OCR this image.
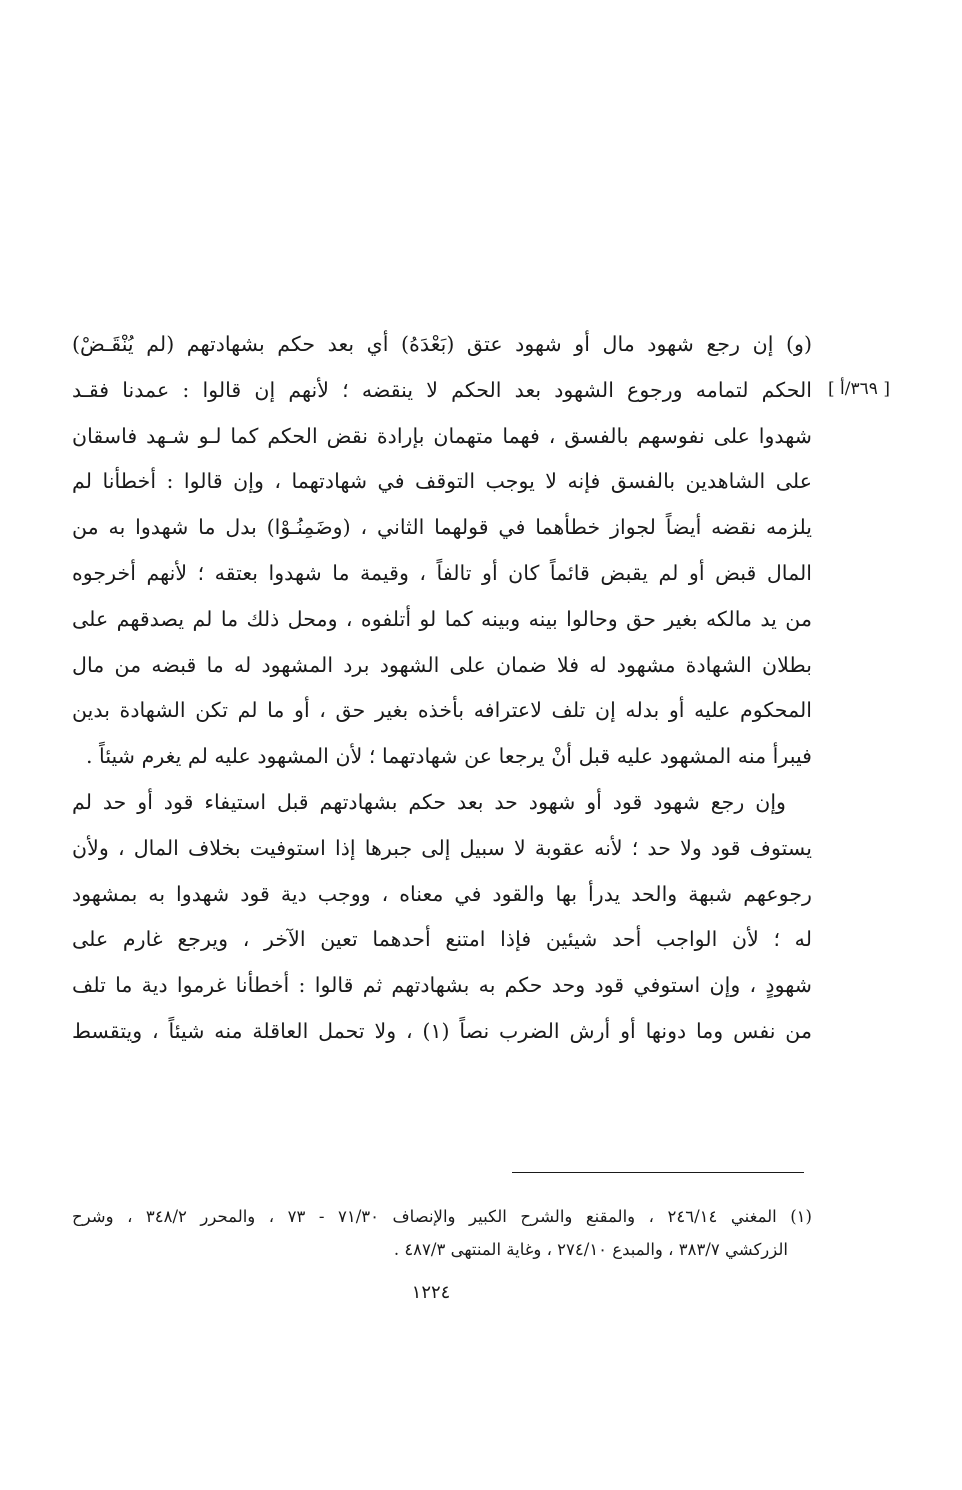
[ ٣٦٩/أ ]
(و) إن رجع شهود مال أو شهود عتق (بَعْدَهُ) أي بعد حكم بشهادتهم (لم يُنْقَـضْ)
الحكم لتمامه ورجوع الشهود بعد الحكم لا ينقضه ؛ لأنهم إن قالوا : عمدنا فقـد
شهدوا على نفوسهم بالفسق ، فهما متهمان بإرادة نقض الحكم كما لـو شـهد فاسقان
على الشاهدين بالفسق فإنه لا يوجب التوقف في شهادتهما ، وإن قالوا : أخطأنا لم
يلزمه نقضه أيضاً لجواز خطأهما في قولهما الثاني ، (وضَمِنُـوْا) بدل ما شهدوا به من
المال قبض أو لم يقبض قائماً كان أو تالفاً ، وقيمة ما شهدوا بعتقه ؛ لأنهم أخرجوه
من يد مالكه بغير حق وحالوا بينه وبينه كما لو أتلفوه ، ومحل ذلك ما لم يصدقهم على
بطلان الشهادة مشهود له فلا ضمان على الشهود برد المشهود له ما قبضه من مال
المحكوم عليه أو بدله إن تلف لاعترافه بأخذه بغير حق ، أو ما لم تكن الشهادة بدين
فيبرأ منه المشهود عليه قبل أنْ يرجعا عن شهادتهما ؛ لأن المشهود عليه لم يغرم شيئاً .
وإن رجع شهود قود أو شهود حد بعد حكم بشهادتهم قبل استيفاء قود أو حد لم
يستوف قود ولا حد ؛ لأنه عقوبة لا سبيل إلى جبرها إذا استوفيت بخلاف المال ، ولأن
رجوعهم شبهة والحد يدرأ بها والقود في معناه ، ووجب دية قود شهدوا به بمشهود
له ؛ لأن الواجب أحد شيئين فإذا امتنع أحدهما تعين الآخر ، ويرجع غارم على
شهودٍ ، وإن استوفي قود وحد حكم به بشهادتهم ثم قالوا : أخطأنا غرموا دية ما تلف
من نفس وما دونها أو أرش الضرب نصاً (١) ، ولا تحمل العاقلة منه شيئاً ، ويتقسط
(١) المغني ٢٤٦/١٤ ، والمقنع والشرح الكبير والإنصاف ٧١/٣٠ - ٧٣ ، والمحرر ٣٤٨/٢ ، وشرح
الزركشي ٣٨٣/٧ ، والمبدع ٢٧٤/١٠ ، وغاية المنتهى ٤٨٧/٣ .
١٢٢٤
